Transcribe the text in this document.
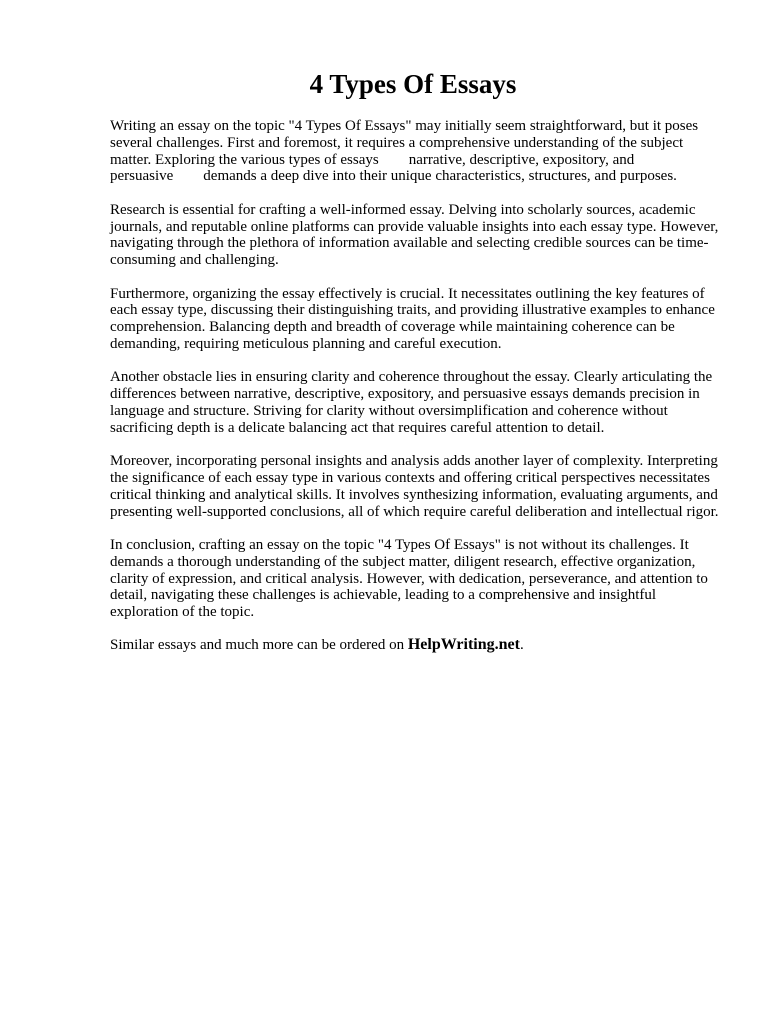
4 Types Of Essays

Writing an essay on the topic "4 Types Of Essays" may initially seem straightforward, but it poses several challenges. First and foremost, it requires a comprehensive understanding of the subject matter. Exploring the various types of essays  narrative, descriptive, expository, and persuasive  demands a deep dive into their unique characteristics, structures, and purposes.

Research is essential for crafting a well-informed essay. Delving into scholarly sources, academic journals, and reputable online platforms can provide valuable insights into each essay type. However, navigating through the plethora of information available and selecting credible sources can be time-consuming and challenging.

Furthermore, organizing the essay effectively is crucial. It necessitates outlining the key features of each essay type, discussing their distinguishing traits, and providing illustrative examples to enhance comprehension. Balancing depth and breadth of coverage while maintaining coherence can be demanding, requiring meticulous planning and careful execution.

Another obstacle lies in ensuring clarity and coherence throughout the essay. Clearly articulating the differences between narrative, descriptive, expository, and persuasive essays demands precision in language and structure. Striving for clarity without oversimplification and coherence without sacrificing depth is a delicate balancing act that requires careful attention to detail.

Moreover, incorporating personal insights and analysis adds another layer of complexity. Interpreting the significance of each essay type in various contexts and offering critical perspectives necessitates critical thinking and analytical skills. It involves synthesizing information, evaluating arguments, and presenting well-supported conclusions, all of which require careful deliberation and intellectual rigor.

In conclusion, crafting an essay on the topic "4 Types Of Essays" is not without its challenges. It demands a thorough understanding of the subject matter, diligent research, effective organization, clarity of expression, and critical analysis. However, with dedication, perseverance, and attention to detail, navigating these challenges is achievable, leading to a comprehensive and insightful exploration of the topic.

Similar essays and much more can be ordered on HelpWriting.net.
